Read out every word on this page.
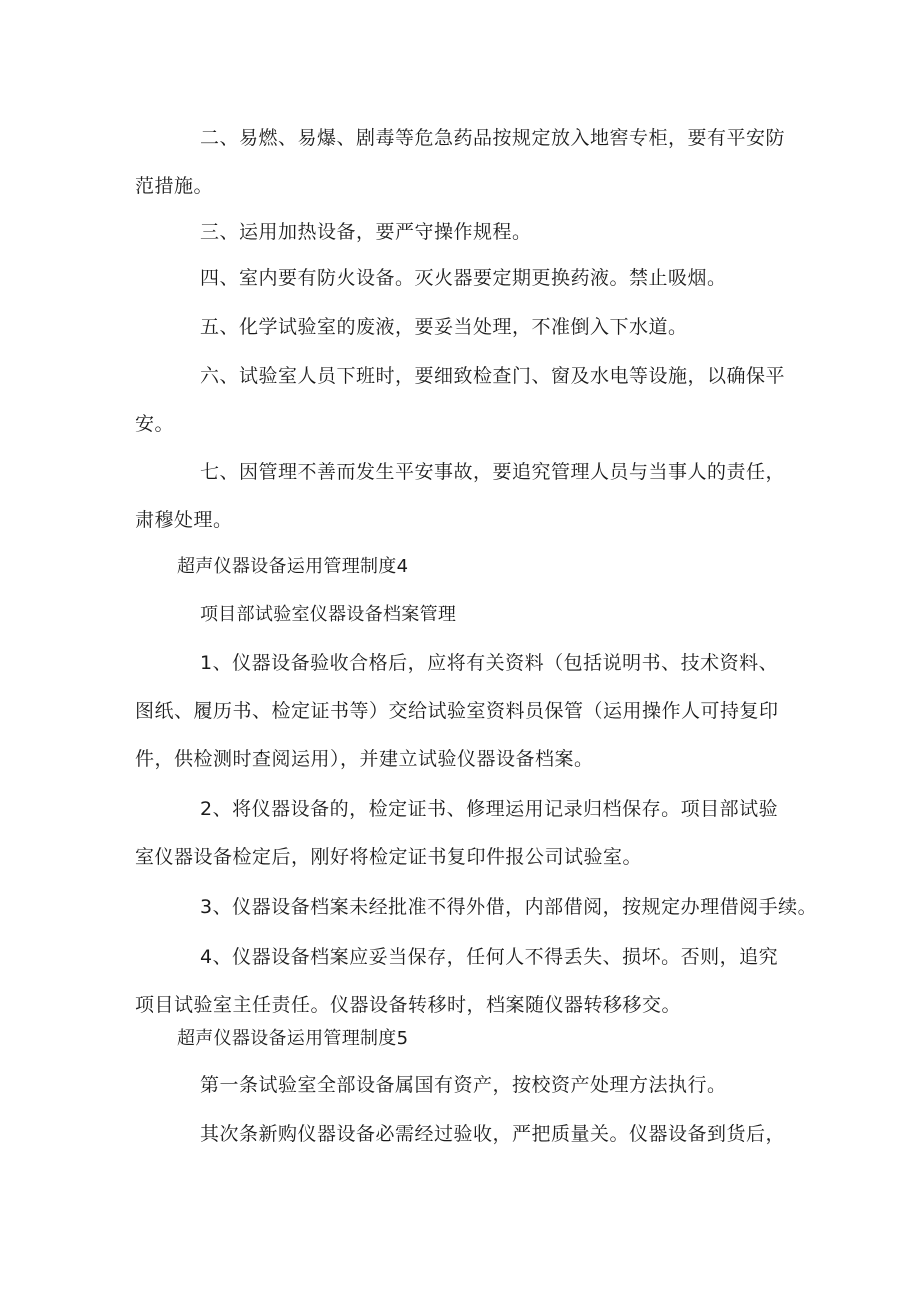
二、易燃、易爆、剧毒等危急药品按规定放入地窖专柜，要有平安防

范措施。

三、运用加热设备，要严守操作规程。

四、室内要有防火设备。灭火器要定期更换药液。禁止吸烟。

五、化学试验室的废液，要妥当处理，不准倒入下水道。

六、试验室人员下班时，要细致检查门、窗及水电等设施，以确保平

安。

七、因管理不善而发生平安事故，要追究管理人员与当事人的责任，

肃穆处理。

超声仪器设备运用管理制度4

项目部试验室仪器设备档案管理

1、仪器设备验收合格后，应将有关资料（包括说明书、技术资料、

图纸、履历书、检定证书等）交给试验室资料员保管（运用操作人可持复印

件，供检测时查阅运用），并建立试验仪器设备档案。

2、将仪器设备的，检定证书、修理运用记录归档保存。项目部试验

室仪器设备检定后，刚好将检定证书复印件报公司试验室。

3、仪器设备档案未经批准不得外借，内部借阅，按规定办理借阅手续。

4、仪器设备档案应妥当保存，任何人不得丢失、损坏。否则，追究

项目试验室主任责任。仪器设备转移时，档案随仪器转移移交。

超声仪器设备运用管理制度5

第一条试验室全部设备属国有资产，按校资产处理方法执行。

其次条新购仪器设备必需经过验收，严把质量关。仪器设备到货后，
